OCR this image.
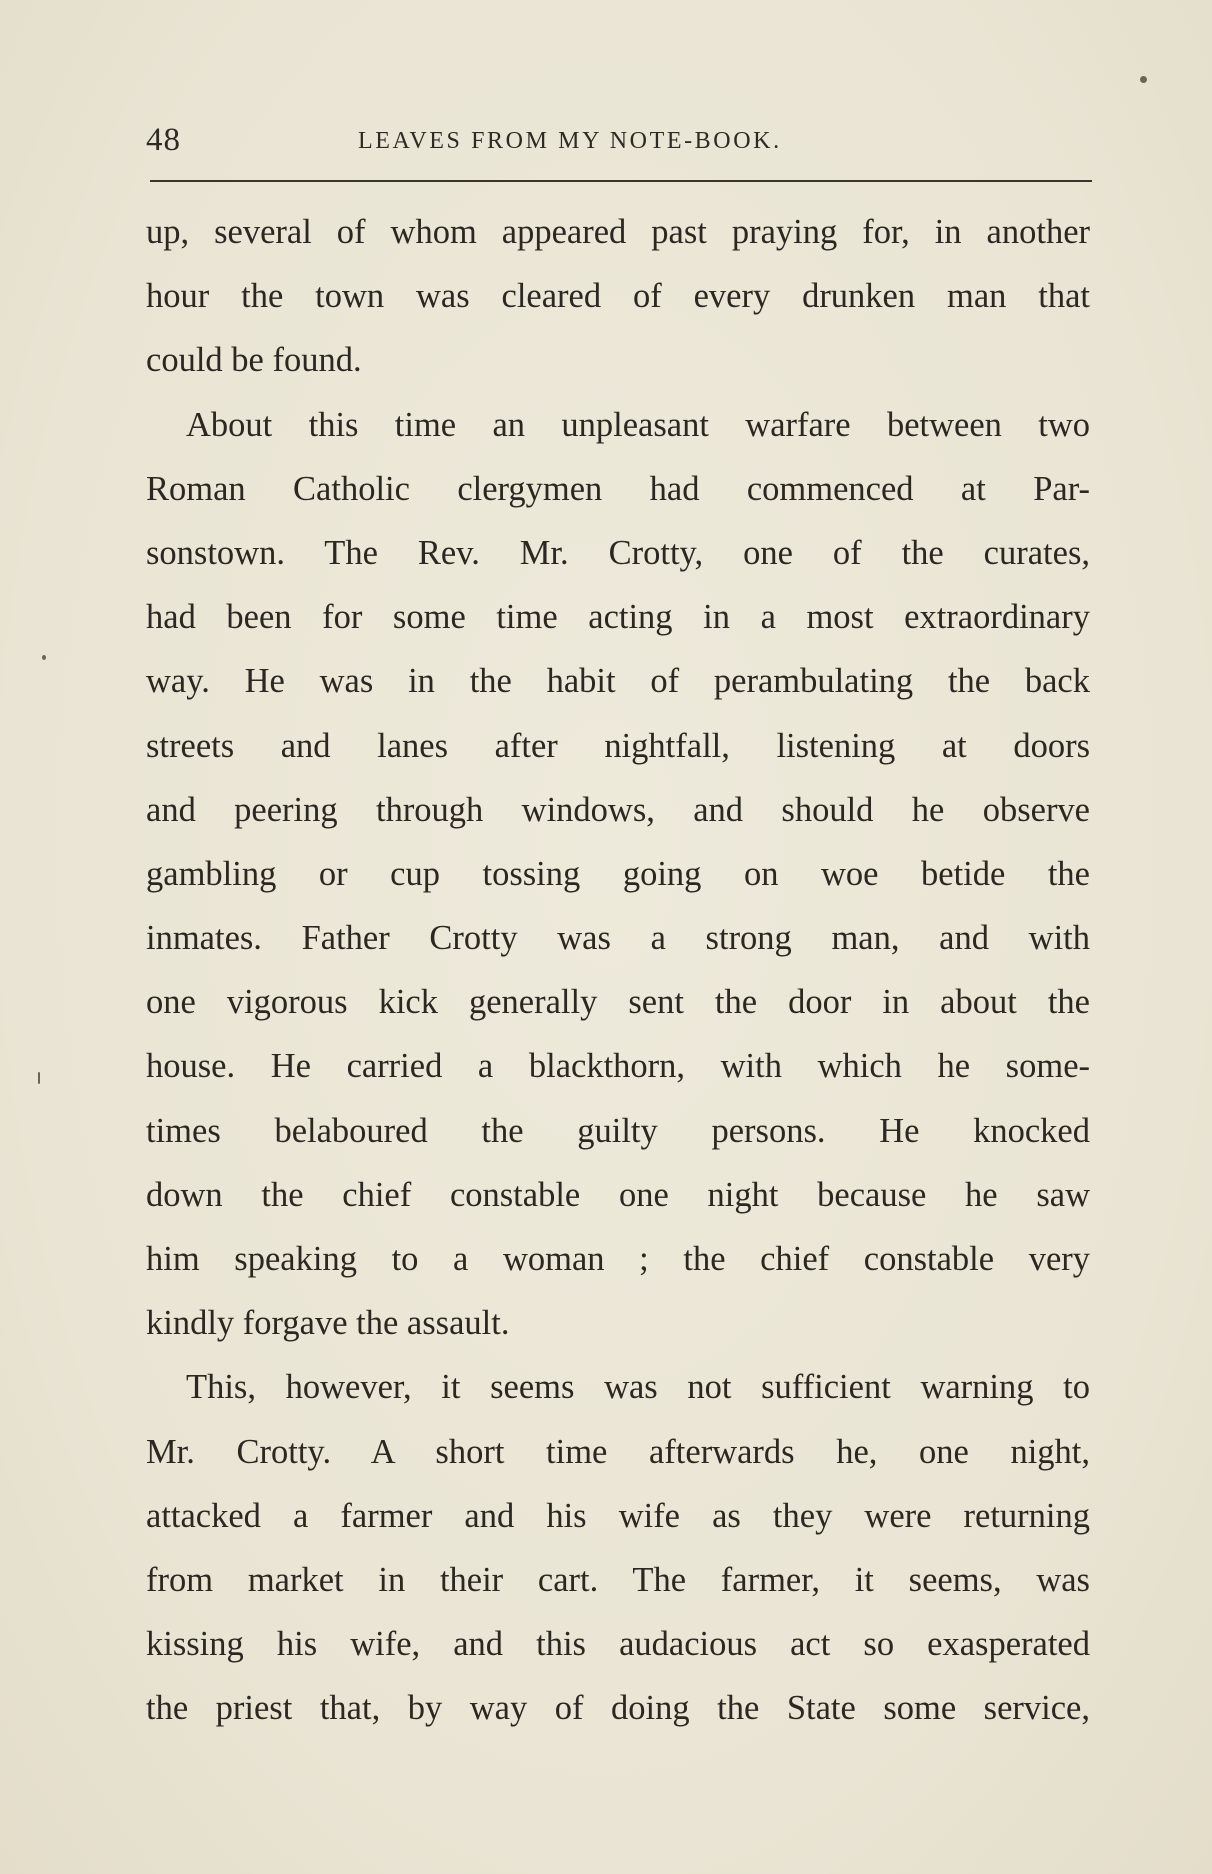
48	LEAVES FROM MY NOTE-BOOK.
up, several of whom appeared past praying for, in another
hour the town was cleared of every drunken man that
could be found.
About this time an unpleasant warfare between two
Roman Catholic clergymen had commenced at Par-
sonstown. The Rev. Mr. Crotty, one of the curates,
had been for some time acting in a most extraordinary
way. He was in the habit of perambulating the back
streets and lanes after nightfall, listening at doors
and peering through windows, and should he observe
gambling or cup tossing going on woe betide the
inmates. Father Crotty was a strong man, and with
one vigorous kick generally sent the door in about the
house. He carried a blackthorn, with which he some-
times belaboured the guilty persons. He knocked
down the chief constable one night because he saw
him speaking to a woman ; the chief constable very
kindly forgave the assault.
This, however, it seems was not sufficient warning to
Mr. Crotty. A short time afterwards he, one night,
attacked a farmer and his wife as they were returning
from market in their cart. The farmer, it seems, was
kissing his wife, and this audacious act so exasperated
the priest that, by way of doing the State some service,
